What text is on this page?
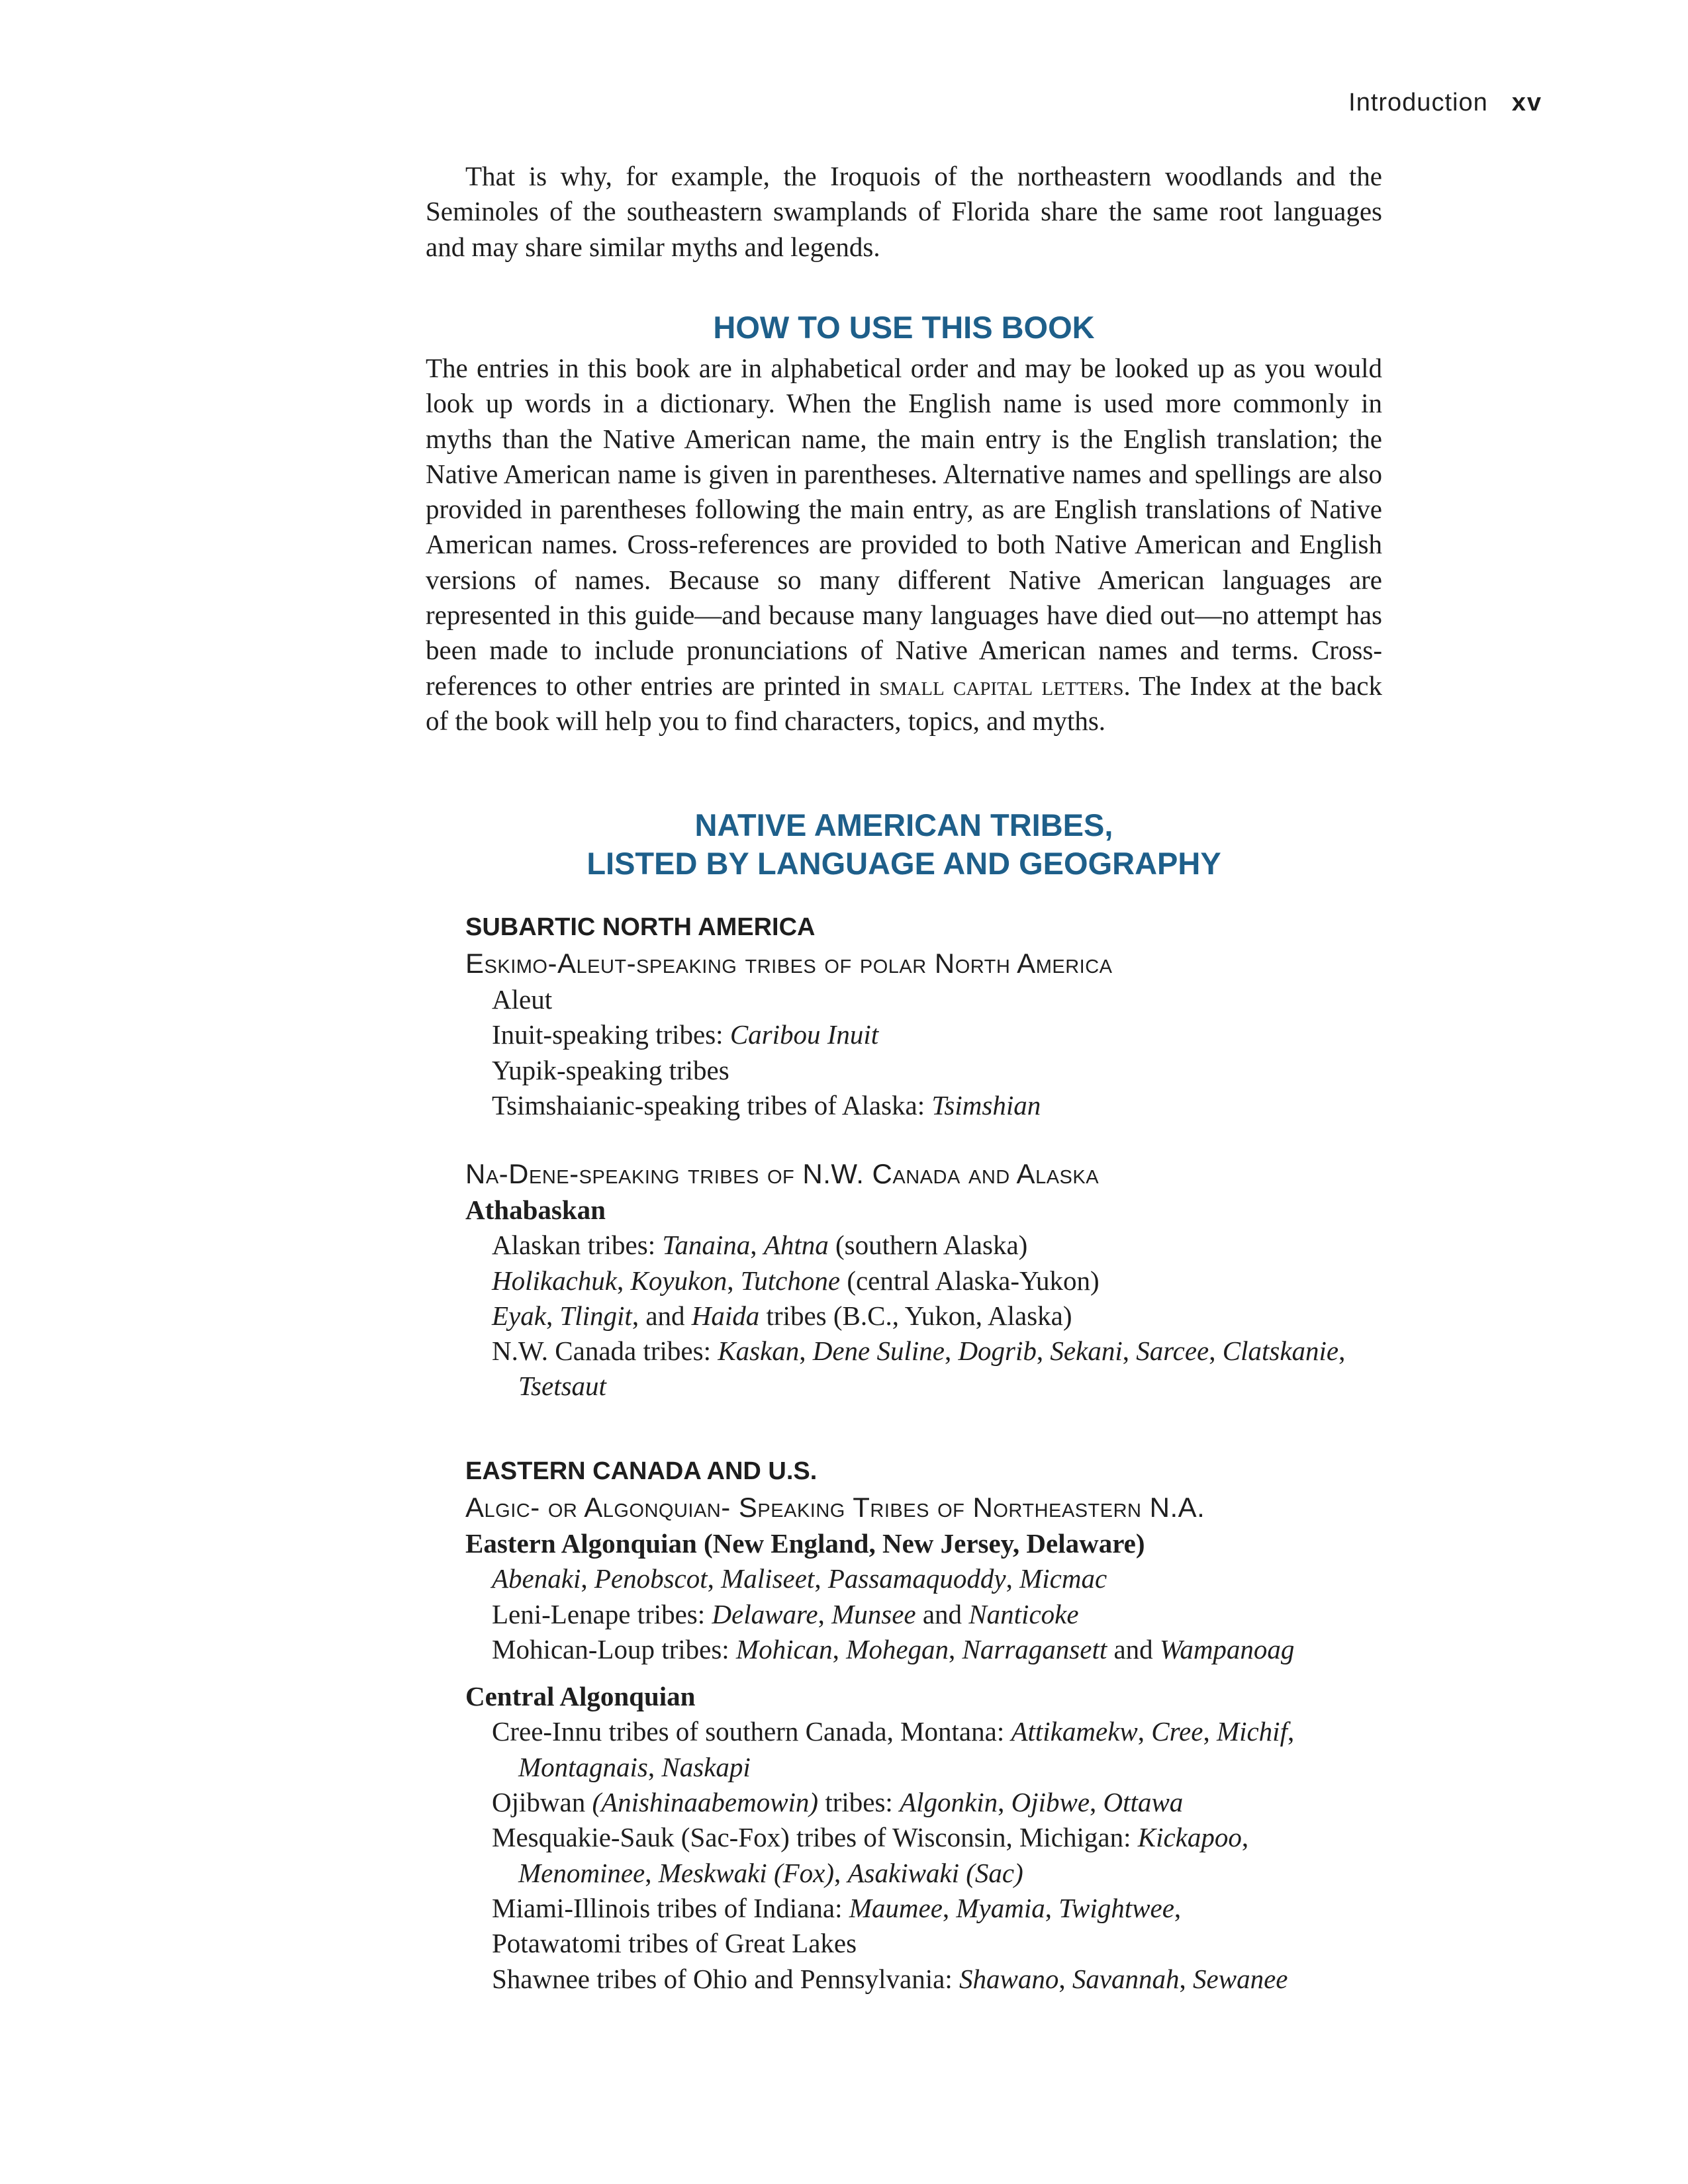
Introduction xv

That is why, for example, the Iroquois of the northeastern woodlands and the Seminoles of the southeastern swamplands of Florida share the same root languages and may share similar myths and legends.

HOW TO USE THIS BOOK

The entries in this book are in alphabetical order and may be looked up as you would look up words in a dictionary. When the English name is used more commonly in myths than the Native American name, the main entry is the English translation; the Native American name is given in parentheses. Alternative names and spellings are also provided in parentheses following the main entry, as are English translations of Native American names. Cross-references are provided to both Native American and English versions of names. Because so many different Native American languages are represented in this guide—and because many languages have died out—no attempt has been made to include pronunciations of Native American names and terms. Cross-references to other entries are printed in small capital letters. The Index at the back of the book will help you to find characters, topics, and myths.

NATIVE AMERICAN TRIBES,
LISTED BY LANGUAGE AND GEOGRAPHY

SUBARTIC NORTH AMERICA

Eskimo-Aleut-speaking tribes of polar North America

Aleut

Inuit-speaking tribes: Caribou Inuit

Yupik-speaking tribes

Tsimshaianic-speaking tribes of Alaska: Tsimshian

Na-Dene-speaking tribes of N.W. Canada and Alaska

Athabaskan

Alaskan tribes: Tanaina, Ahtna (southern Alaska)

Holikachuk, Koyukon, Tutchone (central Alaska-Yukon)

Eyak, Tlingit, and Haida tribes (B.C., Yukon, Alaska)

N.W. Canada tribes: Kaskan, Dene Suline, Dogrib, Sekani, Sarcee, Clatskanie,

Tsetsaut

EASTERN CANADA AND U.S.

Algic- or Algonquian- Speaking Tribes of Northeastern N.A.

Eastern Algonquian (New England, New Jersey, Delaware)

Abenaki, Penobscot, Maliseet, Passamaquoddy, Micmac

Leni-Lenape tribes: Delaware, Munsee and Nanticoke

Mohican-Loup tribes: Mohican, Mohegan, Narragansett and Wampanoag

Central Algonquian

Cree-Innu tribes of southern Canada, Montana: Attikamekw, Cree, Michif,

Montagnais, Naskapi

Ojibwan (Anishinaabemowin) tribes: Algonkin, Ojibwe, Ottawa

Mesquakie-Sauk (Sac-Fox) tribes of Wisconsin, Michigan: Kickapoo,

Menominee, Meskwaki (Fox), Asakiwaki (Sac)

Miami-Illinois tribes of Indiana: Maumee, Myamia, Twightwee,

Potawatomi tribes of Great Lakes

Shawnee tribes of Ohio and Pennsylvania: Shawano, Savannah, Sewanee
